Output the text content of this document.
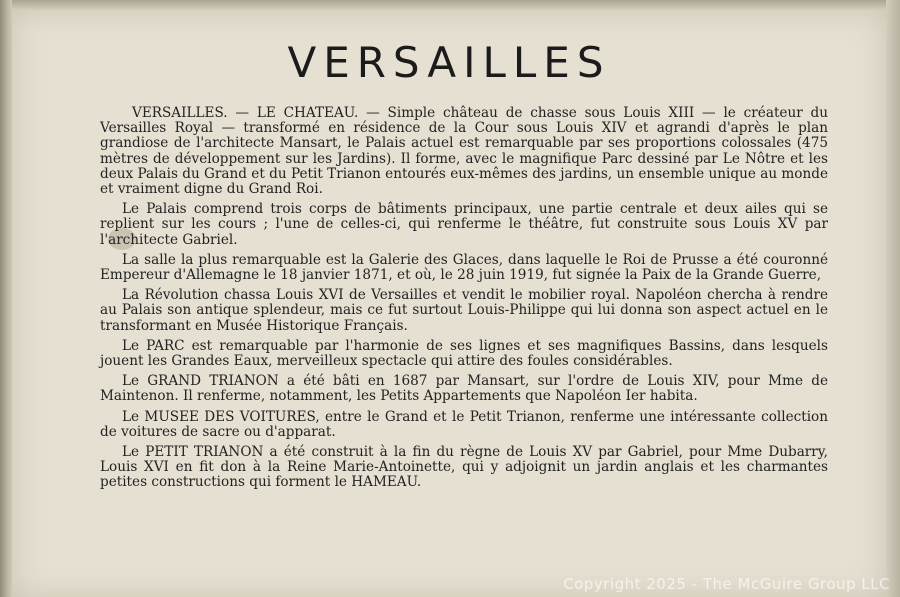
VERSAILLES

VERSAILLES. — LE CHATEAU. — Simple château de chasse sous Louis XIII — le créateur du Versailles Royal — transformé en résidence de la Cour sous Louis XIV et agrandi d'après le plan grandiose de l'architecte Mansart, le Palais actuel est remarquable par ses proportions colossales (475 mètres de développement sur les Jardins). Il forme, avec le magnifique Parc dessiné par Le Nôtre et les deux Palais du Grand et du Petit Trianon entourés eux-mêmes des jardins, un ensemble unique au monde et vraiment digne du Grand Roi.

Le Palais comprend trois corps de bâtiments principaux, une partie centrale et deux ailes qui se replient sur les cours ; l'une de celles-ci, qui renferme le théâtre, fut construite sous Louis XV par l'architecte Gabriel.

La salle la plus remarquable est la Galerie des Glaces, dans laquelle le Roi de Prusse a été couronné Empereur d'Allemagne le 18 janvier 1871, et où, le 28 juin 1919, fut signée la Paix de la Grande Guerre,

La Révolution chassa Louis XVI de Versailles et vendit le mobilier royal. Napoléon chercha à rendre au Palais son antique splendeur, mais ce fut surtout Louis-Philippe qui lui donna son aspect actuel en le transformant en Musée Historique Français.

Le PARC est remarquable par l'harmonie de ses lignes et ses magnifiques Bassins, dans lesquels jouent les Grandes Eaux, merveilleux spectacle qui attire des foules considérables.

Le GRAND TRIANON a été bâti en 1687 par Mansart, sur l'ordre de Louis XIV, pour Mme de Maintenon. Il renferme, notamment, les Petits Appartements que Napoléon Ier habita.

Le MUSEE DES VOITURES, entre le Grand et le Petit Trianon, renferme une intéressante collection de voitures de sacre ou d'apparat.

Le PETIT TRIANON a été construit à la fin du règne de Louis XV par Gabriel, pour Mme Dubarry, Louis XVI en fit don à la Reine Marie-Antoinette, qui y adjoignit un jardin anglais et les charmantes petites constructions qui forment le HAMEAU.

Copyright 2025 - The McGuire Group LLC
